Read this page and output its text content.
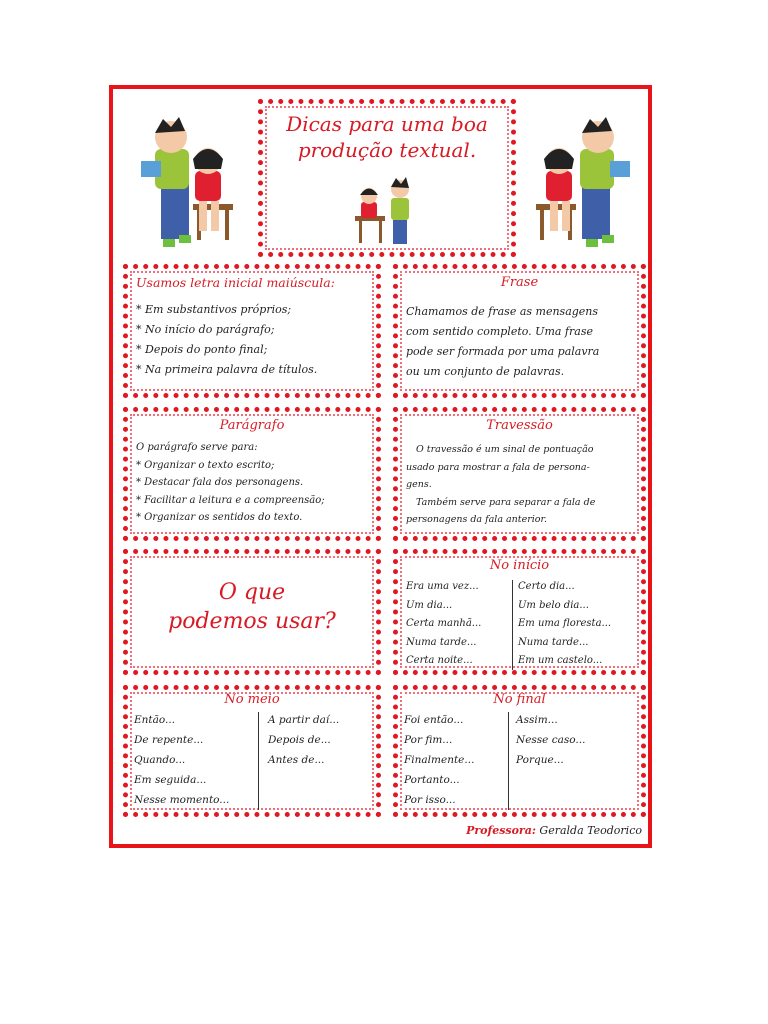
Dicas para uma boa
produção textual.
Usamos letra inicial maiúscula:
* Em substantivos próprios;
* No início do parágrafo;
* Depois do ponto final;
* Na primeira palavra de títulos.
Frase
Chamamos de frase as mensagens
com sentido completo. Uma frase
pode ser formada por uma palavra
ou um conjunto de palavras.
Parágrafo
O parágrafo serve para:
* Organizar o texto escrito;
* Destacar fala dos personagens.
* Facilitar a leitura e a compreensão;
* Organizar os sentidos do texto.
Travessão
O travessão é um sinal de pontuação
usado para mostrar a fala de persona-
gens.
Também serve para separar a fala de
personagens da fala anterior.
O que
podemos usar?
No início
Era uma vez...
Um dia...
Certa manhã...
Numa tarde...
Certa noite...
Certo dia...
Um belo dia...
Em uma floresta...
Numa tarde...
Em um castelo...
No meio
Então...
De repente...
Quando...
Em seguida...
Nesse momento...
A partir daí...
Depois de...
Antes de...
No final
Foi então...
Por fim...
Finalmente...
Portanto...
Por isso...
Assim...
Nesse caso...
Porque...
Professora: Geralda Teodorico
